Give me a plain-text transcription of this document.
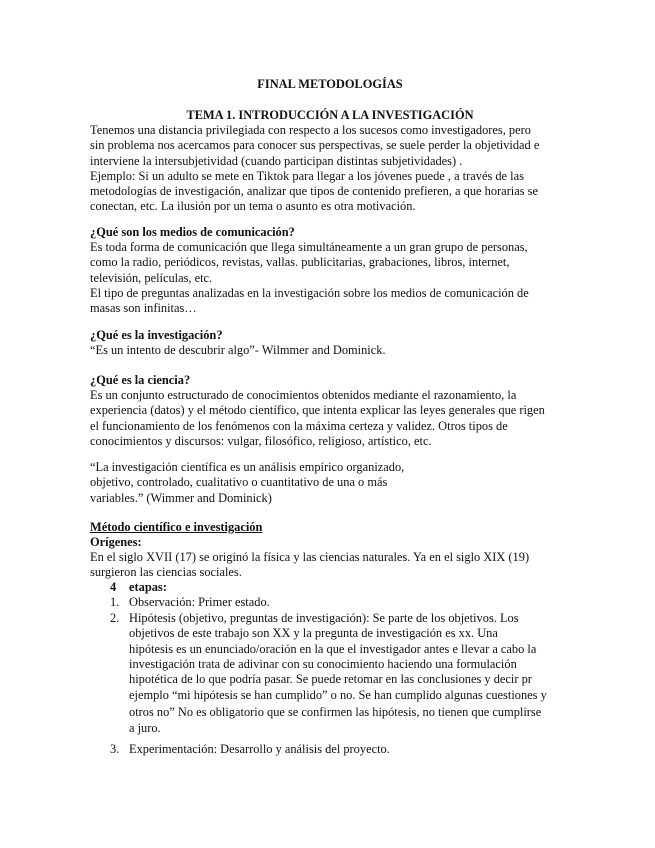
FINAL METODOLOGÍAS
TEMA 1. INTRODUCCIÓN A LA INVESTIGACIÓN

Tenemos una distancia privilegiada con respecto a los sucesos como investigadores, pero

sin problema nos acercamos para conocer sus perspectivas, se suele perder la objetividad e

interviene la intersubjetividad (cuando participan distintas subjetividades) .

Ejemplo: Si un adulto se mete en Tiktok para llegar a los jóvenes puede , a través de las

metodologías de investigación, analizar que tipos de contenido prefieren, a que horarias se

conectan, etc. La ilusión por un tema o asunto es otra motivación.

¿Qué son los medios de comunicación?

Es toda forma de comunicación que llega simultáneamente a un gran grupo de personas,

como la radio, periódicos, revistas, vallas. publicitarias, grabaciones, libros, internet,

televisión, películas, etc.

El tipo de preguntas analizadas en la investigación sobre los medios de comunicación de

masas son infinitas…

¿Qué es la investigación?
“Es un intento de descubrir algo”- Wilmmer and Dominick.
¿Qué es la ciencia?

Es un conjunto estructurado de conocimientos obtenidos mediante el razonamiento, la

experiencia (datos) y el método científico, que intenta explicar las leyes generales que rigen

el funcionamiento de los fenómenos con la máxima certeza y validez. Otros tipos de

conocimientos y discursos: vulgar, filosófico, religioso, artístico, etc.

“La investigación científica es un análisis empírico organizado,

objetivo, controlado, cualitativo o cuantitativo de una o más

variables.” (Wimmer and Dominick)

Método científico e investigación
Orígenes:

En el siglo XVII (17) se originó la física y las ciencias naturales. Ya en el siglo XIX (19)

surgieron las ciencias sociales.

4 etapas:
1. Observación: Primer estado.
2. Hipótesis (objetivo, preguntas de investigación): Se parte de los objetivos. Los

objetivos de este trabajo son XX y la pregunta de investigación es xx. Una

hipótesis es un enunciado/oración en la que el investigador antes e llevar a cabo la

investigación trata de adivinar con su conocimiento haciendo una formulación

hipotética de lo que podría pasar. Se puede retomar en las conclusiones y decir pr

ejemplo “mi hipótesis se han cumplido” o no. Se han cumplido algunas cuestiones y

otros no” No es obligatorio que se confirmen las hipótesis, no tienen que cumplirse

a juro.

3. Experimentación: Desarrollo y análisis del proyecto.
